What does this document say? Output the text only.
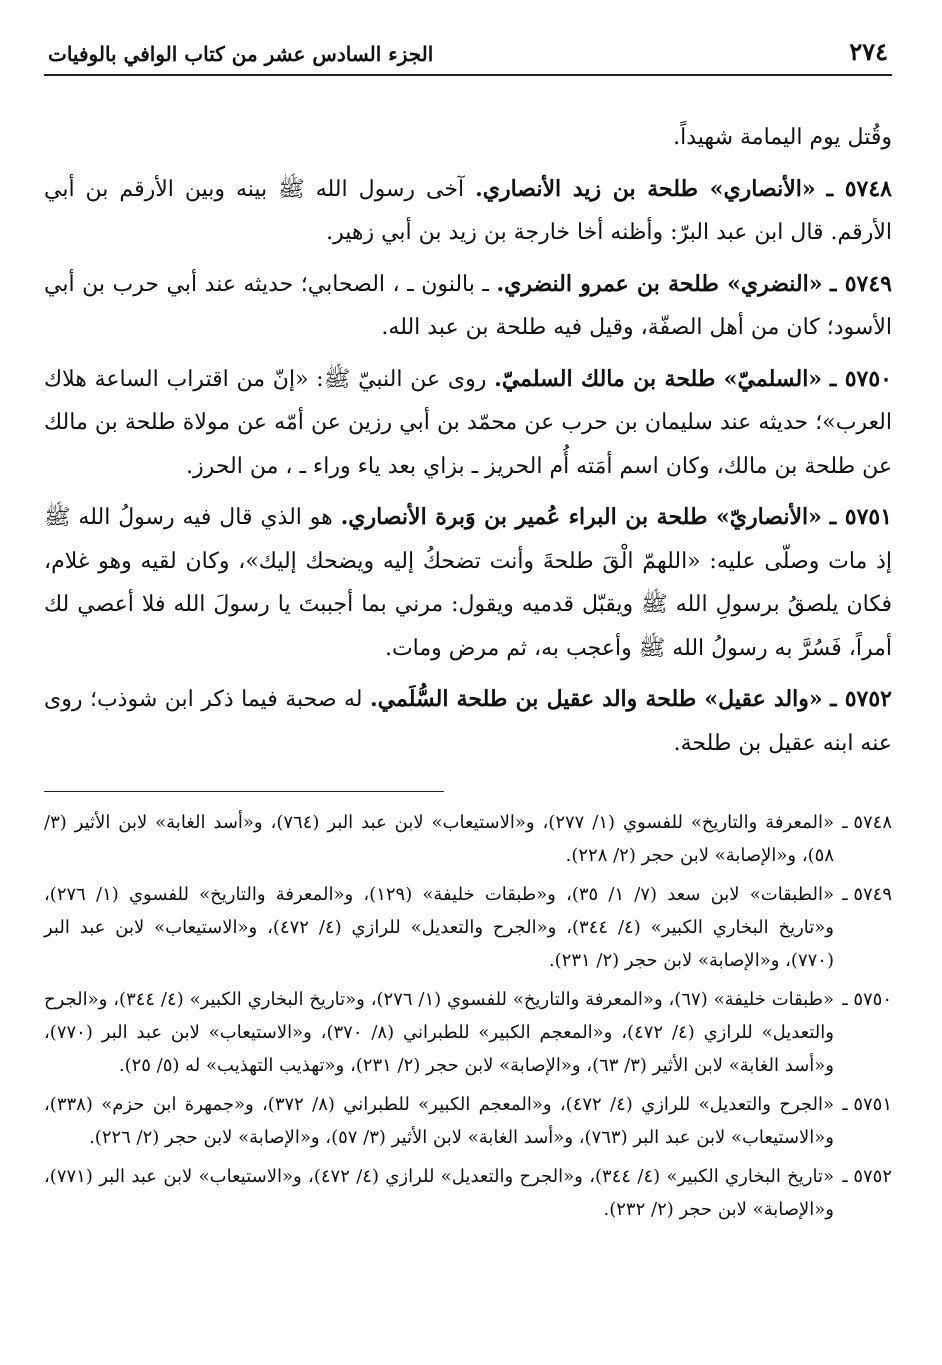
٢٧٤
الجزء السادس عشر من كتاب الوافي بالوفيات

وقُتل يوم اليمامة شهيداً.

٥٧٤٨ ـ «الأنصاري» طلحة بن زيد الأنصاري. آخى رسول الله ﷺ بينه وبين الأرقم بن أبي الأرقم. قال ابن عبد البرّ: وأظنه أخا خارجة بن زيد بن أبي زهير.

٥٧٤٩ ـ «النضري» طلحة بن عمرو النضري. ـ بالنون ـ ، الصحابي؛ حديثه عند أبي حرب بن أبي الأسود؛ كان من أهل الصفّة، وقيل فيه طلحة بن عبد الله.

٥٧٥٠ ـ «السلميّ» طلحة بن مالك السلميّ. روى عن النبيّ ﷺ: «إنّ من اقتراب الساعة هلاك العرب»؛ حديثه عند سليمان بن حرب عن محمّد بن أبي رزين عن أمّه عن مولاة طلحة بن مالك عن طلحة بن مالك، وكان اسم أمَته أُم الحريز ـ بزاي بعد ياء وراء ـ ، من الحرز.

٥٧٥١ ـ «الأنصاريّ» طلحة بن البراء عُمير بن وَبرة الأنصاري. هو الذي قال فيه رسولُ الله ﷺ إذ مات وصلّى عليه: «اللهمّ الْقَ طلحةَ وأنت تضحكُ إليه ويضحك إليك»، وكان لقيه وهو غلام، فكان يلصقُ برسولِ الله ﷺ ويقبّل قدميه ويقول: مرني بما أجببتَ يا رسولَ الله فلا أعصي لك أمراً، فَسُرَّ به رسولُ الله ﷺ وأعجب به، ثم مرض ومات.

٥٧٥٢ ـ «والد عقيل» طلحة والد عقيل بن طلحة السُّلَمي. له صحبة فيما ذكر ابن شوذب؛ روى عنه ابنه عقيل بن طلحة.

٥٧٤٨ ـ
«المعرفة والتاريخ» للفسوي (١/ ٢٧٧)، و«الاستيعاب» لابن عبد البر (٧٦٤)، و«أسد الغابة» لابن الأثير (٣/ ٥٨)، و«الإصابة» لابن حجر (٢/ ٢٢٨).
٥٧٤٩ ـ
«الطبقات» لابن سعد (٧/ ١/ ٣٥)، و«طبقات خليفة» (١٢٩)، و«المعرفة والتاريخ» للفسوي (١/ ٢٧٦)، و«تاريخ البخاري الكبير» (٤/ ٣٤٤)، و«الجرح والتعديل» للرازي (٤/ ٤٧٢)، و«الاستيعاب» لابن عبد البر (٧٧٠)، و«الإصابة» لابن حجر (٢/ ٢٣١).
٥٧٥٠ ـ
«طبقات خليفة» (٦٧)، و«المعرفة والتاريخ» للفسوي (١/ ٢٧٦)، و«تاريخ البخاري الكبير» (٤/ ٣٤٤)، و«الجرح والتعديل» للرازي (٤/ ٤٧٢)، و«المعجم الكبير» للطبراني (٨/ ٣٧٠)، و«الاستيعاب» لابن عبد البر (٧٧٠)، و«أسد الغابة» لابن الأثير (٣/ ٦٣)، و«الإصابة» لابن حجر (٢/ ٢٣١)، و«تهذيب التهذيب» له (٥/ ٢٥).
٥٧٥١ ـ
«الجرح والتعديل» للرازي (٤/ ٤٧٢)، و«المعجم الكبير» للطبراني (٨/ ٣٧٢)، و«جمهرة ابن حزم» (٣٣٨)، و«الاستيعاب» لابن عبد البر (٧٦٣)، و«أسد الغابة» لابن الأثير (٣/ ٥٧)، و«الإصابة» لابن حجر (٢/ ٢٢٦).
٥٧٥٢ ـ
«تاريخ البخاري الكبير» (٤/ ٣٤٤)، و«الجرح والتعديل» للرازي (٤/ ٤٧٢)، و«الاستيعاب» لابن عبد البر (٧٧١)، و«الإصابة» لابن حجر (٢/ ٢٣٢).
